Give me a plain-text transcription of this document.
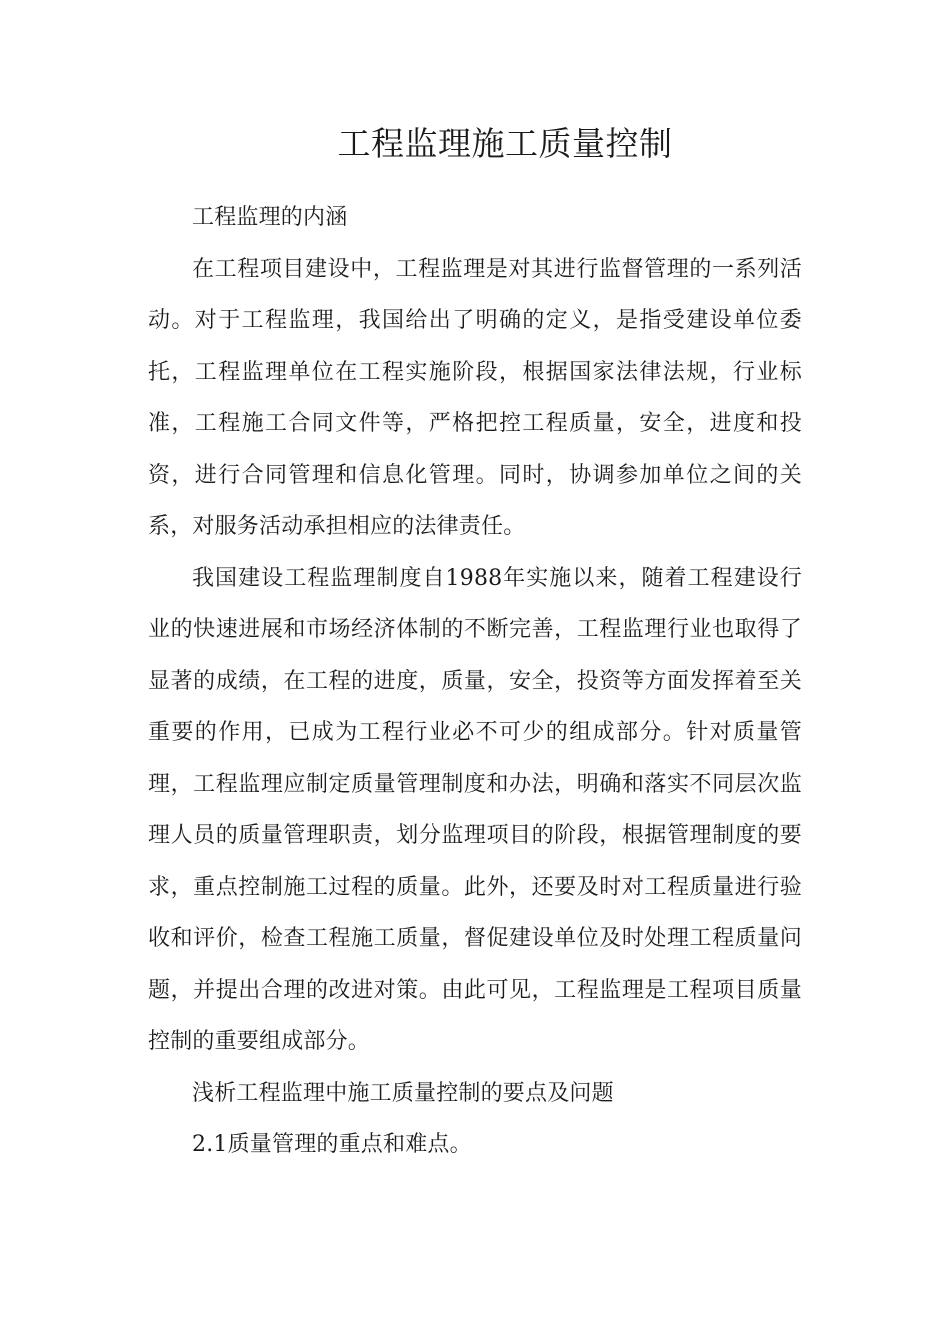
工程监理施工质量控制

工程监理的内涵

在工程项目建设中，工程监理是对其进行监督管理的一系列活动。对于工程监理，我国给出了明确的定义，是指受建设单位委托，工程监理单位在工程实施阶段，根据国家法律法规，行业标准，工程施工合同文件等，严格把控工程质量，安全，进度和投资，进行合同管理和信息化管理。同时，协调参加单位之间的关系，对服务活动承担相应的法律责任。

我国建设工程监理制度自1988年实施以来，随着工程建设行业的快速进展和市场经济体制的不断完善，工程监理行业也取得了显著的成绩，在工程的进度，质量，安全，投资等方面发挥着至关重要的作用，已成为工程行业必不可少的组成部分。针对质量管理，工程监理应制定质量管理制度和办法，明确和落实不同层次监理人员的质量管理职责，划分监理项目的阶段，根据管理制度的要求，重点控制施工过程的质量。此外，还要及时对工程质量进行验收和评价，检查工程施工质量，督促建设单位及时处理工程质量问题，并提出合理的改进对策。由此可见，工程监理是工程项目质量控制的重要组成部分。

浅析工程监理中施工质量控制的要点及问题

2.1质量管理的重点和难点。
